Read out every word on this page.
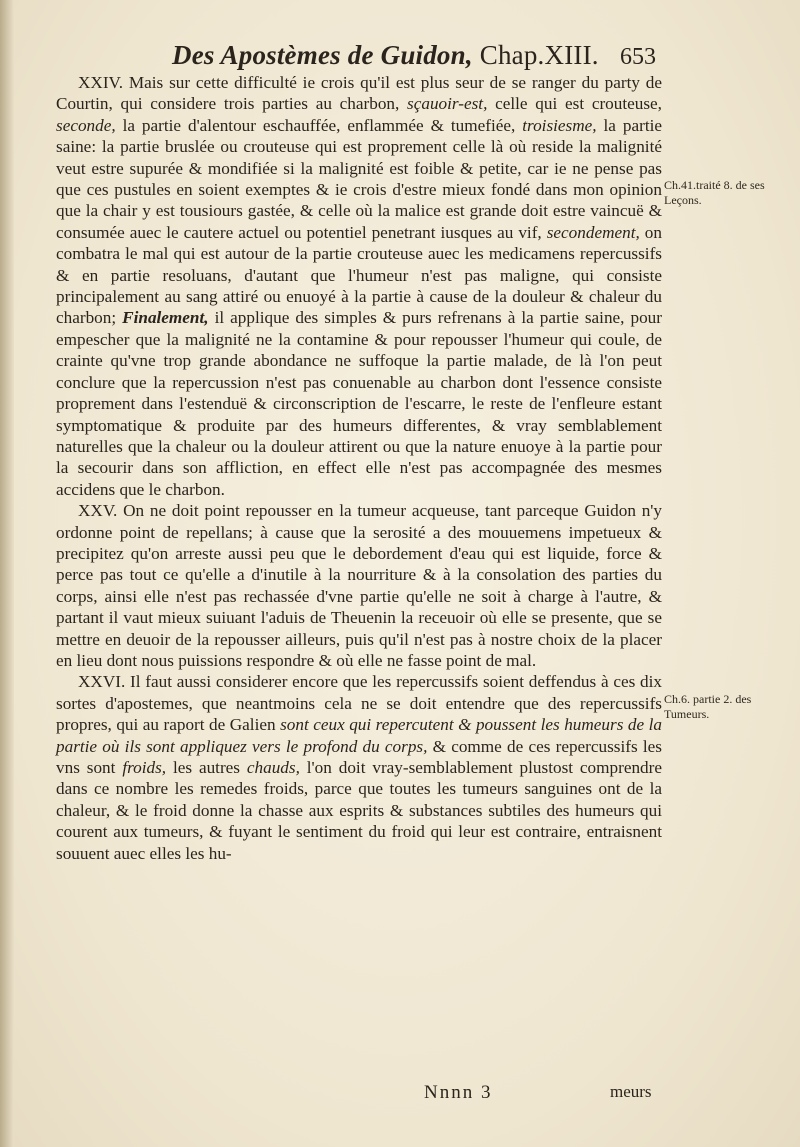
Des Apostèmes de Guidon, Chap.XIII. 653

XXIV. Mais sur cette difficulté ie crois qu'il est plus seur de se ranger du party de Courtin, qui considere trois parties au charbon, sçauoir-est, celle qui est crouteuse, seconde, la partie d'alentour eschauffée, enflammée & tumefiée, troisiesme, la partie saine: la partie bruslée ou crouteuse qui est proprement celle là où reside la malignité veut estre supurée & mondifiée si la malignité est foible & petite, car ie ne pense pas que ces pustules en soient exemptes & ie crois d'estre mieux fondé dans mon opinion que la chair y est tousiours gastée, & celle où la malice est grande doit estre vaincuë & consumée auec le cautere actuel ou potentiel penetrant iusques au vif, secondement, on combatra le mal qui est autour de la partie crouteuse auec les medicamens repercussifs & en partie resoluans, d'autant que l'humeur n'est pas maligne, qui consiste principalement au sang attiré ou enuoyé à la partie à cause de la douleur & chaleur du charbon; Finalement, il applique des simples & purs refrenans à la partie saine, pour empescher que la malignité ne la contamine & pour repousser l'humeur qui coule, de crainte qu'vne trop grande abondance ne suffoque la partie malade, de là l'on peut conclure que la repercussion n'est pas conuenable au charbon dont l'essence consiste proprement dans l'estenduë & circonscription de l'escarre, le reste de l'enfleure estant symptomatique & produite par des humeurs differentes, & vray semblablement naturelles que la chaleur ou la douleur attirent ou que la nature enuoye à la partie pour la secourir dans son affliction, en effect elle n'est pas accompagnée des mesmes accidens que le charbon.

XXV. On ne doit point repousser en la tumeur acqueuse, tant parceque Guidon n'y ordonne point de repellans; à cause que la serosité a des mouuemens impetueux & precipitez qu'on arreste aussi peu que le debordement d'eau qui est liquide, force & perce pas tout ce qu'elle a d'inutile à la nourriture & à la consolation des parties du corps, ainsi elle n'est pas rechassée d'vne partie qu'elle ne soit à charge à l'autre, & partant il vaut mieux suiuant l'aduis de Theuenin la receuoir où elle se presente, que se mettre en deuoir de la repousser ailleurs, puis qu'il n'est pas à nostre choix de la placer en lieu dont nous puissions respondre & où elle ne fasse point de mal.

XXVI. Il faut aussi considerer encore que les repercussifs soient deffendus à ces dix sortes d'apostemes, que neantmoins cela ne se doit entendre que des repercussifs propres, qui au raport de Galien sont ceux qui repercutent & poussent les humeurs de la partie où ils sont appliquez vers le profond du corps, & comme de ces repercussifs les vns sont froids, les autres chauds, l'on doit vray-semblablement plustost comprendre dans ce nombre les remedes froids, parce que toutes les tumeurs sanguines ont de la chaleur, & le froid donne la chasse aux esprits & substances subtiles des humeurs qui courent aux tumeurs, & fuyant le sentiment du froid qui leur est contraire, entraisnent souuent auec elles les hu-

Ch.41.traité 8. de ses Leçons.
Ch.6. partie 2. des Tumeurs.
Nnnn 3	meurs
